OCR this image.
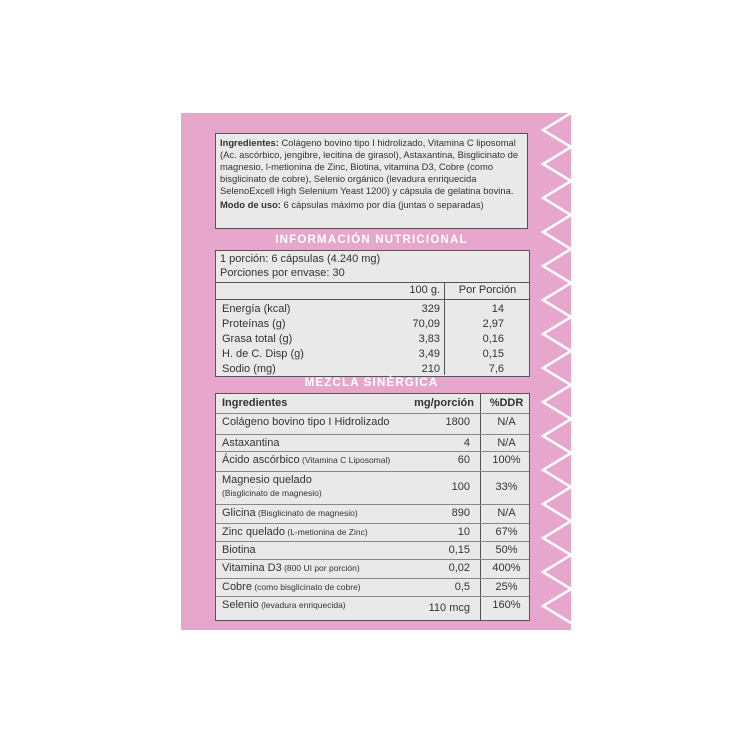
Ingredientes: Colágeno bovino tipo I hidrolizado, Vitamina C liposomal (Ac. ascórbico, jengibre, lecitina de girasol), Astaxantina, Bisglicinato de magnesio, l-metionina de Zinc, Biotina, vitamina D3, Cobre (como bisglicinato de cobre), Selenio orgánico (levadura enriquecida SelenoExcell High Selenium Yeast 1200) y cápsula de gelatina bovina.
Modo de uso: 6 cápsulas máximo por día (juntas o separadas)
INFORMACIÓN NUTRICIONAL
1 porción: 6 cápsulas (4.240 mg)
Porciones por envase: 30
100 g.	Por Porción
Energía (kcal)	329	14
Proteínas (g)	70,09	2,97
Grasa total (g)	3,83	0,16
H. de C. Disp (g)	3,49	0,15
Sodio (mg)	210	7,6
MEZCLA SINÉRGICA
Ingredientes	mg/porción	%DDR
Colágeno bovino tipo I Hidrolizado	1800	N/A
Astaxantina	4	N/A
Ácido ascórbico (Vitamina C Liposomal)	60	100%
Magnesio quelado
(Bisglicinato de magnesio)	100	33%
Glicina (Bisglicinato de magnesio)	890	N/A
Zinc quelado (L-metionina de Zinc)	10	67%
Biotina	0,15	50%
Vitamina D3 (800 UI por porción)	0,02	400%
Cobre (como bisglicinato de cobre)	0,5	25%
Selenio (levadura enriquecida)	110 mcg	160%
